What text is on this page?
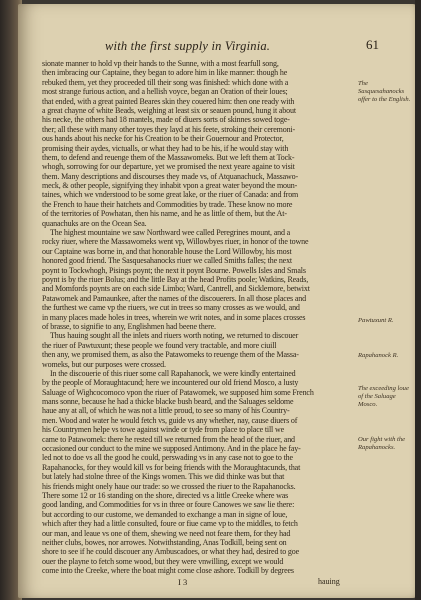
with the first supply in Virginia.	61
sionate manner to hold vp their hands to the Sunne, with a most fearfull song,
then imbracing our Captaine, they began to adore him in like manner: though he
rebuked them, yet they proceeded till their song was finished: which done with a
most strange furious action, and a hellish voyce, began an Oration of their loues;
that ended, with a great painted Beares skin they couered him: then one ready with
a great chayne of white Beads, weighing at least six or seauen pound, hung it about
his necke, the others had 18 mantels, made of diuers sorts of skinnes sowed toge-
ther; all these with many other toyes they layd at his feete, stroking their ceremoni-
ous hands about his necke for his Creation to be their Gouernour and Protector,
promising their aydes, victualls, or what they had to be his, if he would stay with
them, to defend and reuenge them of the Massawomeks. But we left them at Tock-
whogh, sorrowing for our departure, yet we promised the next yeare againe to visit
them. Many descriptions and discourses they made vs, of Atquanachuck, Massawo-
meck, & other people, signifying they inhabit vpon a great water beyond the moun-
taines, which we vnderstood to be some great lake, or the riuer of Canada: and from
the French to haue their hatchets and Commodities by trade. These know no more
of the territories of Powhatan, then his name, and he as little of them, but the At-
quanachuks are on the Ocean Sea.
The highest mountaine we saw Northward wee called Peregrines mount, and a
rocky riuer, where the Massawomeks went vp, Willowbyes riuer, in honor of the towne
our Captaine was borne in, and that honorable house the Lord Willowby, his most
honored good friend. The Sasquesahanocks riuer we called Smiths falles; the next
poynt to Tockwhogh, Pisings poynt; the next it poynt Bourne. Powells Isles and Smals
poynt is by the riuer Bolus; and the little Bay at the head Profits poole; Watkins, Reads,
and Momfords poynts are on each side Limbo; Ward, Cantrell, and Sicklemore, betwixt
Patawomek and Pamaunkee, after the names of the discouerers. In all those places and
the furthest we came vp the riuers, we cut in trees so many crosses as we would, and
in many places made holes in trees, wherein we writ notes, and in some places crosses
of brasse, to signifie to any, Englishmen had beene there.
Thus hauing sought all the inlets and riuers worth noting, we returned to discouer
the riuer of Pawtuxunt; these people we found very tractable, and more ciuill
then any, we promised them, as also the Patawomeks to reuenge them of the Massa-
womeks, but our purposes were crossed.
In the discouerie of this riuer some call Rapahanock, we were kindly entertained
by the people of Moraughtacund; here we incountered our old friend Mosco, a lusty
Saluage of Wighcocomoco vpon the riuer of Patawomek, we supposed him some French
mans sonne, because he had a thicke blacke bush beard, and the Saluages seldome
haue any at all, of which he was not a little proud, to see so many of his Country-
men. Wood and water he would fetch vs, guide vs any whether, nay, cause diuers of
his Countrymen helpe vs towe against winde or tyde from place to place till we
came to Patawomek: there he rested till we returned from the head of the riuer, and
occasioned our conduct to the mine we supposed Antimony. And in the place he fay-
led not to doe vs all the good he could, perswading vs in any case not to goe to the
Rapahanocks, for they would kill vs for being friends with the Moraughtacunds, that
but lately had stolne three of the Kings women. This we did thinke was but that
his friends might onely haue our trade: so we crossed the riuer to the Rapahanocks.
There some 12 or 16 standing on the shore, directed vs a little Creeke where was
good landing, and Commodities for vs in three or foure Canowes we saw lie there:
but according to our custome, we demanded to exchange a man in signe of loue,
which after they had a little consulted, foure or fiue came vp to the middles, to fetch
our man, and leaue vs one of them, shewing we need not feare them, for they had
neither clubs, bowes, nor arrowes. Notwithstanding, Anas Todkill, being sent on
shore to see if he could discouer any Ambuscadoes, or what they had, desired to goe
ouer the playne to fetch some wood, but they were vnwilling, except we would
come into the Creeke, where the boat might come close ashore. Todkill by degrees
The Sasquesahanocks offer to the English.
Pawtuxunt R.
Rapahanock R.
The exceeding loue of the Saluage Mosco.
Our fight with the Rapahanocks.
I 3	hauing
